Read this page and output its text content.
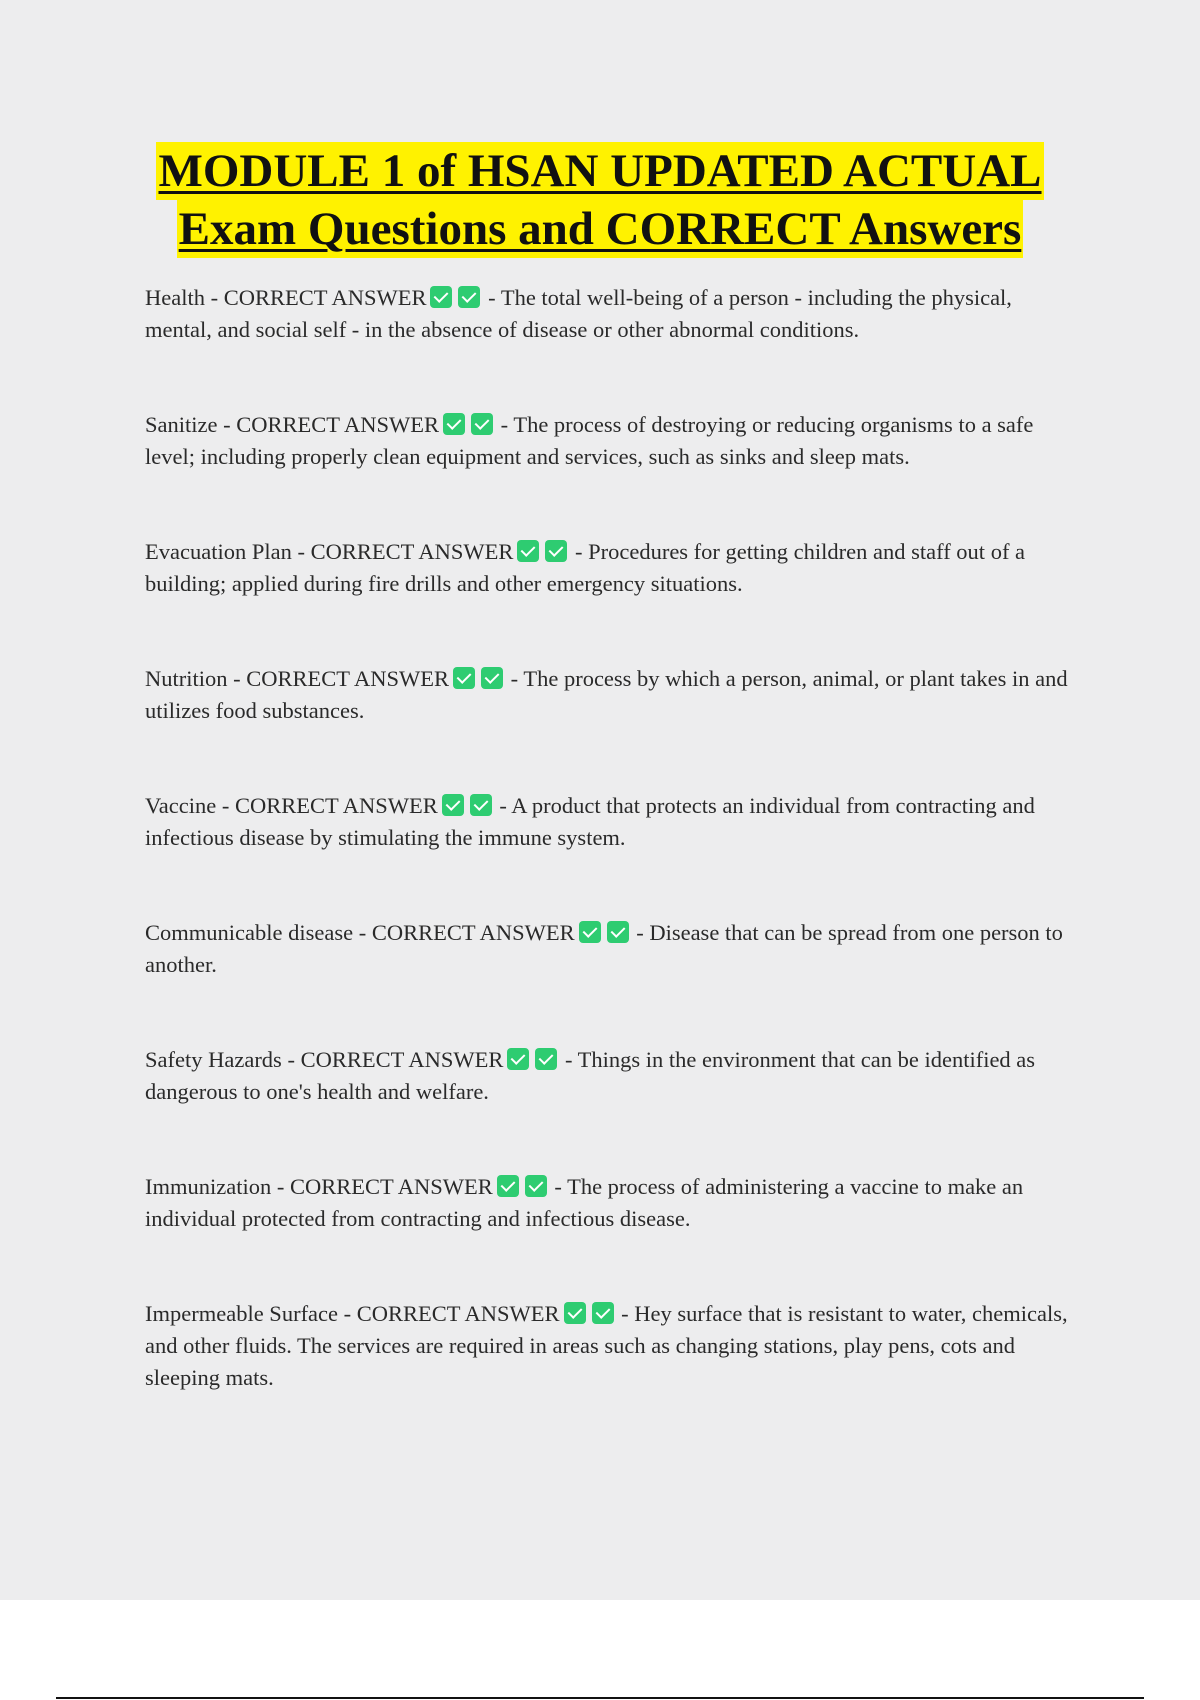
MODULE 1 of HSAN UPDATED ACTUAL
Exam Questions and CORRECT Answers
Health - CORRECT ANSWER - The total well-being of a person - including the physical, mental, and social self - in the absence of disease or other abnormal conditions.
Sanitize - CORRECT ANSWER - The process of destroying or reducing organisms to a safe level; including properly clean equipment and services, such as sinks and sleep mats.
Evacuation Plan - CORRECT ANSWER - Procedures for getting children and staff out of a building; applied during fire drills and other emergency situations.
Nutrition - CORRECT ANSWER - The process by which a person, animal, or plant takes in and utilizes food substances.
Vaccine - CORRECT ANSWER - A product that protects an individual from contracting and infectious disease by stimulating the immune system.
Communicable disease - CORRECT ANSWER - Disease that can be spread from one person to another.
Safety Hazards - CORRECT ANSWER - Things in the environment that can be identified as dangerous to one's health and welfare.
Immunization - CORRECT ANSWER - The process of administering a vaccine to make an individual protected from contracting and infectious disease.
Impermeable Surface - CORRECT ANSWER - Hey surface that is resistant to water, chemicals, and other fluids. The services are required in areas such as changing stations, play pens, cots and sleeping mats.
